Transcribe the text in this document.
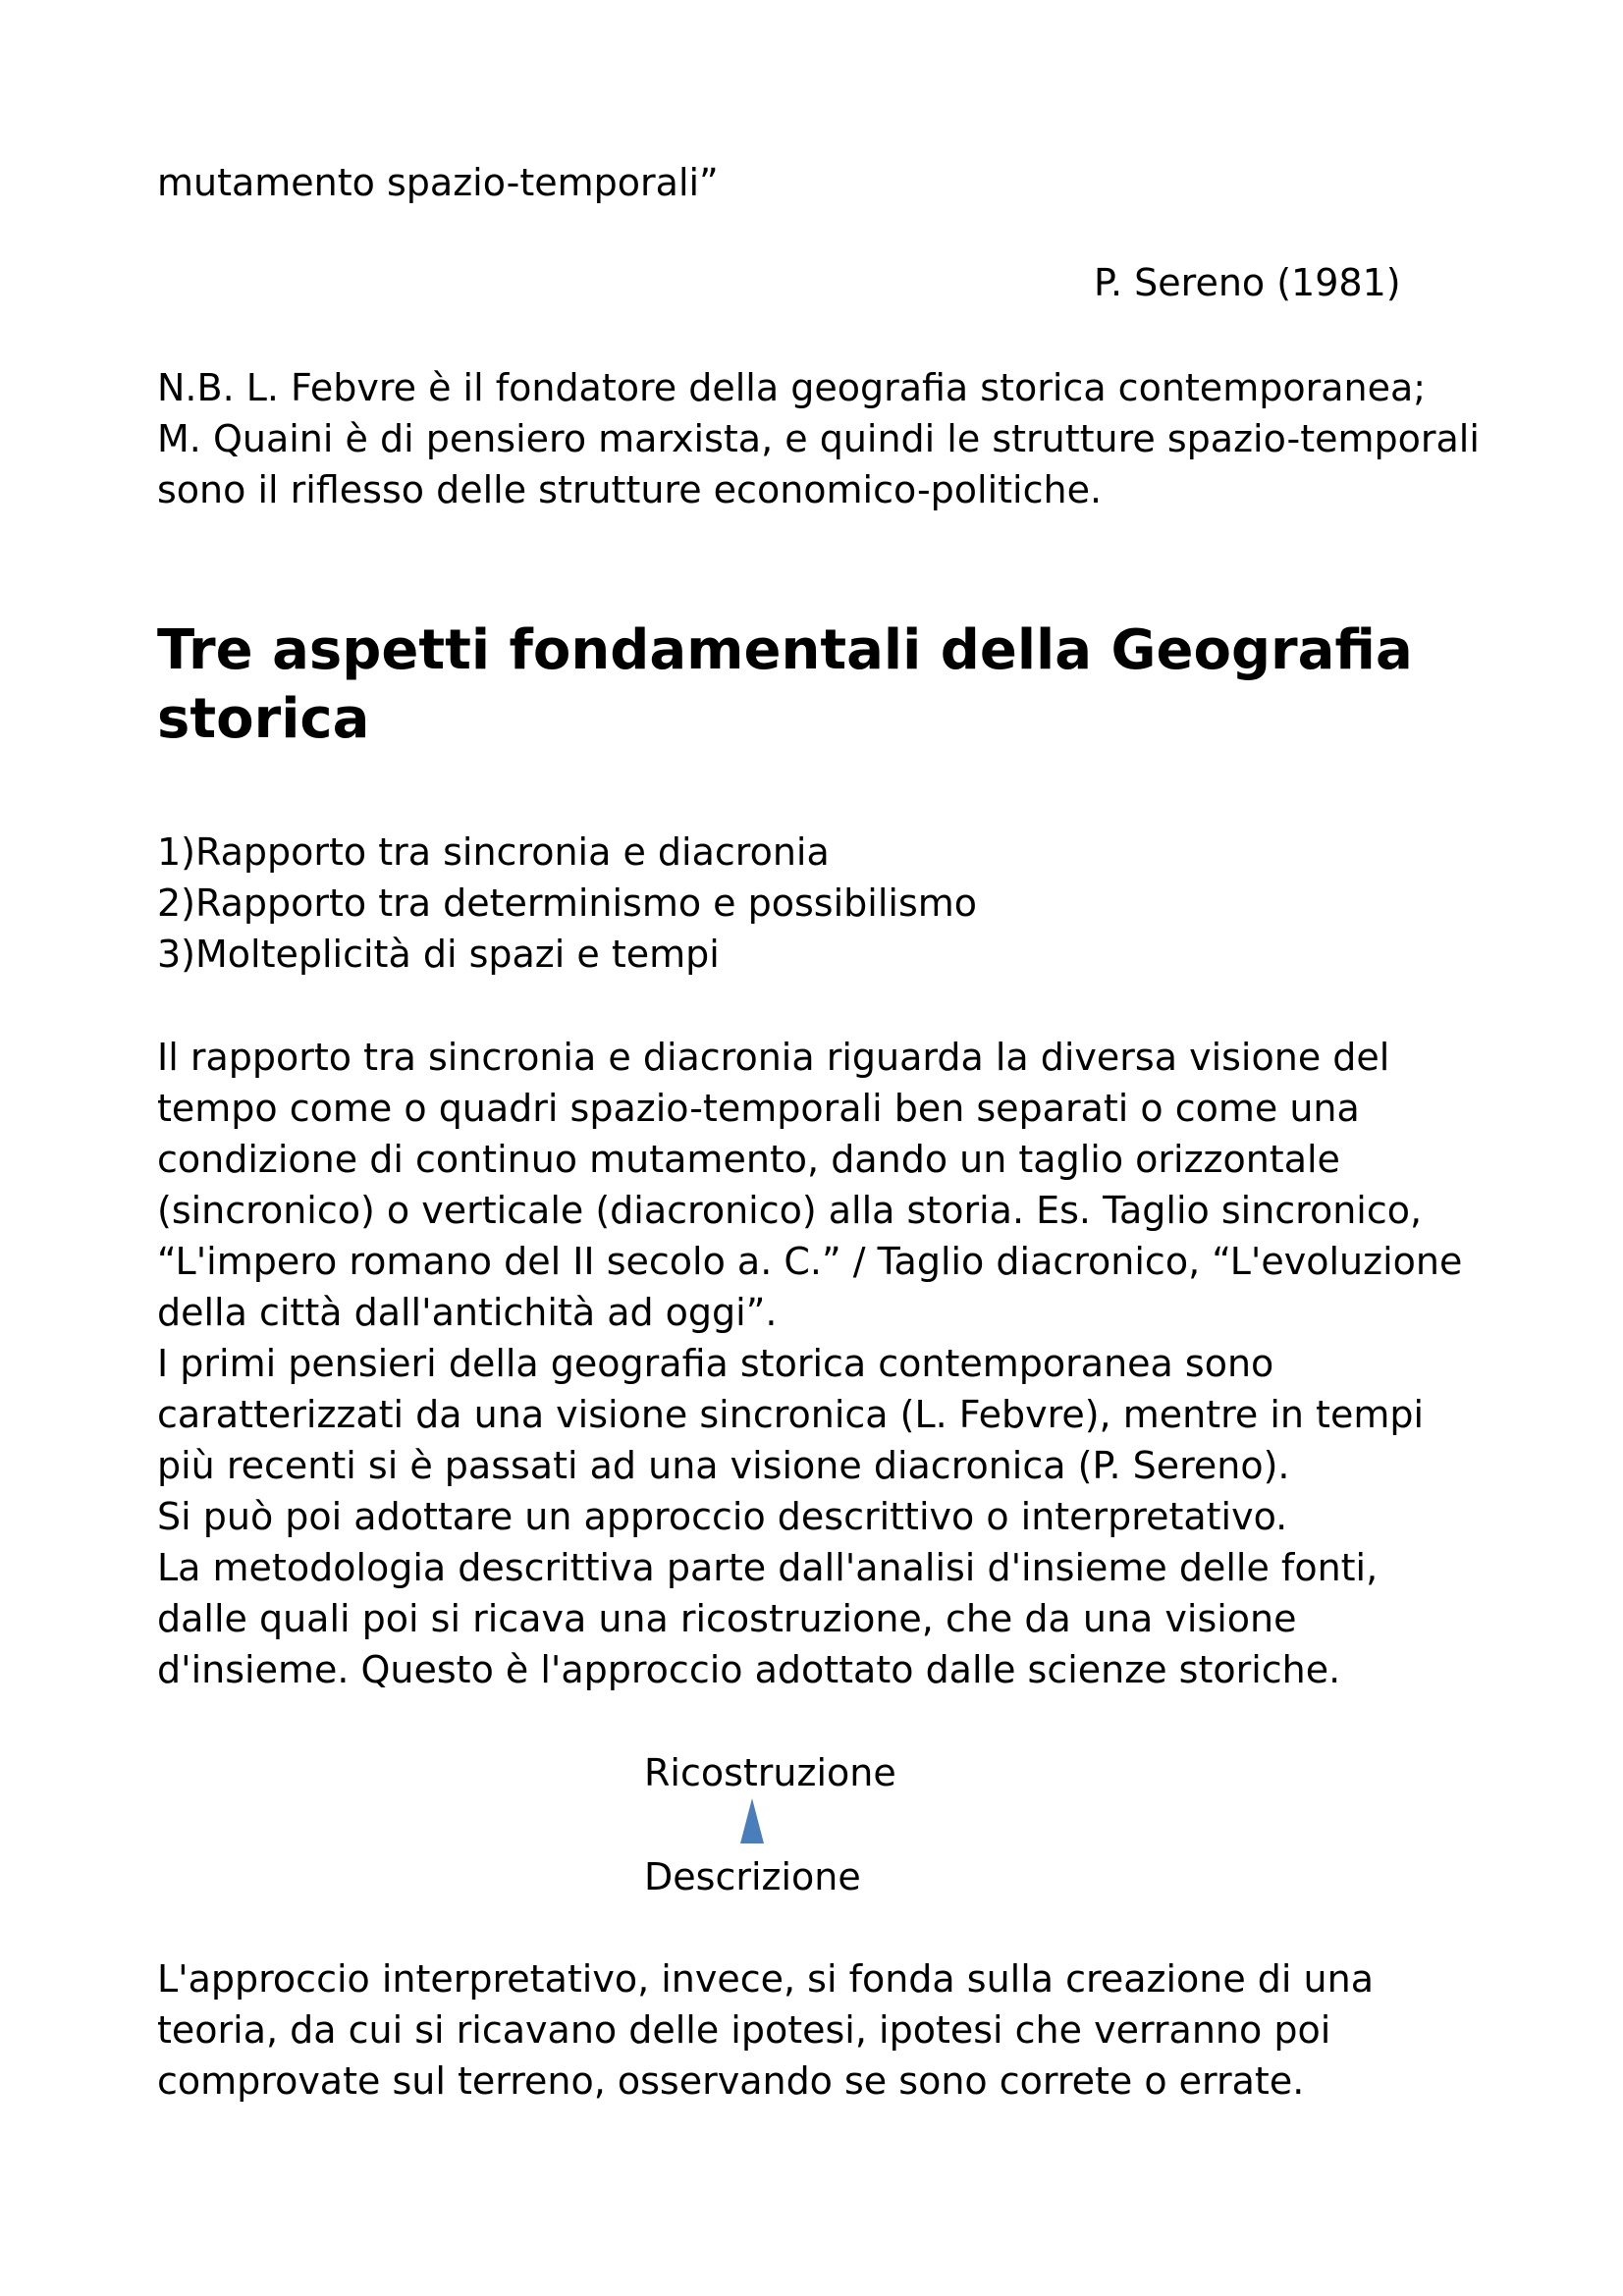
mutamento spazio-temporali”
P. Sereno (1981)
N.B. L. Febvre è il fondatore della geografia storica contemporanea;
M. Quaini è di pensiero marxista, e quindi le strutture spazio-temporali
sono il riflesso delle strutture economico-politiche.
Tre aspetti fondamentali della Geografia
storica
1)Rapporto tra sincronia e diacronia
2)Rapporto tra determinismo e possibilismo
3)Molteplicità di spazi e tempi
Il rapporto tra sincronia e diacronia riguarda la diversa visione del
tempo come o quadri spazio-temporali ben separati o come una
condizione di continuo mutamento, dando un taglio orizzontale
(sincronico) o verticale (diacronico) alla storia. Es. Taglio sincronico,
“L'impero romano del II secolo a. C.” / Taglio diacronico, “L'evoluzione
della città dall'antichità ad oggi”.
I primi pensieri della geografia storica contemporanea sono
caratterizzati da una visione sincronica (L. Febvre), mentre in tempi
più recenti si è passati ad una visione diacronica (P. Sereno).
Si può poi adottare un approccio descrittivo o interpretativo.
La metodologia descrittiva parte dall'analisi d'insieme delle fonti,
dalle quali poi si ricava una ricostruzione, che da una visione
d'insieme. Questo è l'approccio adottato dalle scienze storiche.
Ricostruzione
Descrizione
L'approccio interpretativo, invece, si fonda sulla creazione di una
teoria, da cui si ricavano delle ipotesi, ipotesi che verranno poi
comprovate sul terreno, osservando se sono correte o errate.
